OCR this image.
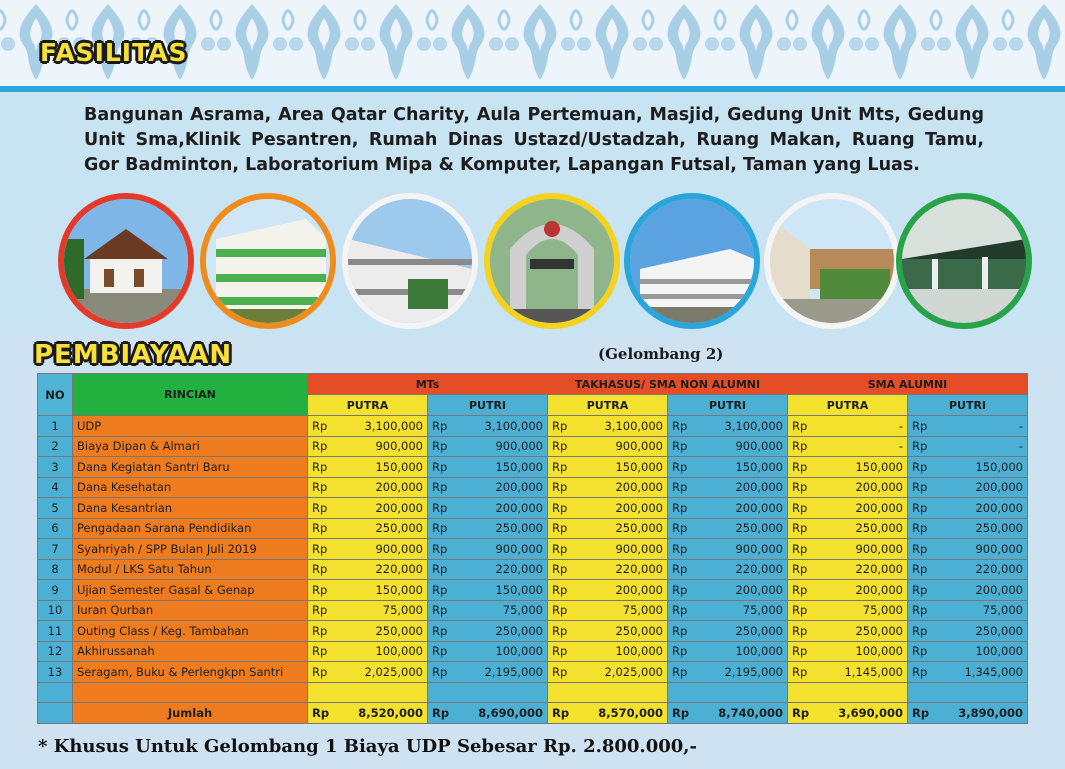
FASILITAS
Bangunan Asrama, Area Qatar Charity, Aula Pertemuan, Masjid, Gedung Unit Mts, Gedung Unit Sma,Klinik Pesantren, Rumah Dinas Ustazd/Ustadzah, Ruang Makan, Ruang Tamu, Gor Badminton, Laboratorium Mipa & Komputer, Lapangan Futsal, Taman yang Luas.
PEMBIAYAAN	(Gelombang 2)
NO	RINCIAN	MTs		TAKHASUS/ SMA NON ALUMNI		SMA ALUMNI	
		PUTRA	PUTRI	PUTRA	PUTRI	PUTRA	PUTRI
1	UDP	Rp 3,100,000	Rp 3,100,000	Rp 3,100,000	Rp 3,100,000	Rp -	Rp -

2	Biaya Dipan & Almari	Rp 900,000	Rp 900,000	Rp 900,000	Rp 900,000	Rp -	Rp -

3	Dana Kegiatan Santri Baru	Rp 150,000	Rp 150,000	Rp 150,000	Rp 150,000	Rp 150,000	Rp 150,000

4	Dana Kesehatan	Rp 200,000	Rp 200,000	Rp 200,000	Rp 200,000	Rp 200,000	Rp 200,000

5	Dana Kesantrian	Rp 200,000	Rp 200,000	Rp 200,000	Rp 200,000	Rp 200,000	Rp 200,000

6	Pengadaan Sarana Pendidikan	Rp 250,000	Rp 250,000	Rp 250,000	Rp 250,000	Rp 250,000	Rp 250,000

7	Syahriyah / SPP Bulan Juli 2019	Rp 900,000	Rp 900,000	Rp 900,000	Rp 900,000	Rp 900,000	Rp 900,000

8	Modul / LKS Satu Tahun	Rp 220,000	Rp 220,000	Rp 220,000	Rp 220,000	Rp 220,000	Rp 220,000

9	Ujian Semester Gasal & Genap	Rp 150,000	Rp 150,000	Rp 200,000	Rp 200,000	Rp 200,000	Rp 200,000

10	Iuran Qurban	Rp 75,000	Rp 75,000	Rp 75,000	Rp 75,000	Rp 75,000	Rp 75,000

11	Outing Class / Keg. Tambahan	Rp 250,000	Rp 250,000	Rp 250,000	Rp 250,000	Rp 250,000	Rp 250,000

12	Akhirussanah	Rp 100,000	Rp 100,000	Rp 100,000	Rp 100,000	Rp 100,000	Rp 100,000

13	Seragam, Buku & Perlengkpn Santri	Rp 2,025,000	Rp 2,195,000	Rp 2,025,000	Rp 2,195,000	Rp 1,145,000	Rp 1,345,000

	Jumlah	Rp 8,520,000	Rp 8,690,000	Rp 8,570,000	Rp 8,740,000	Rp 3,690,000	Rp 3,890,000
* Khusus Untuk Gelombang 1 Biaya UDP Sebesar Rp. 2.800.000,-
